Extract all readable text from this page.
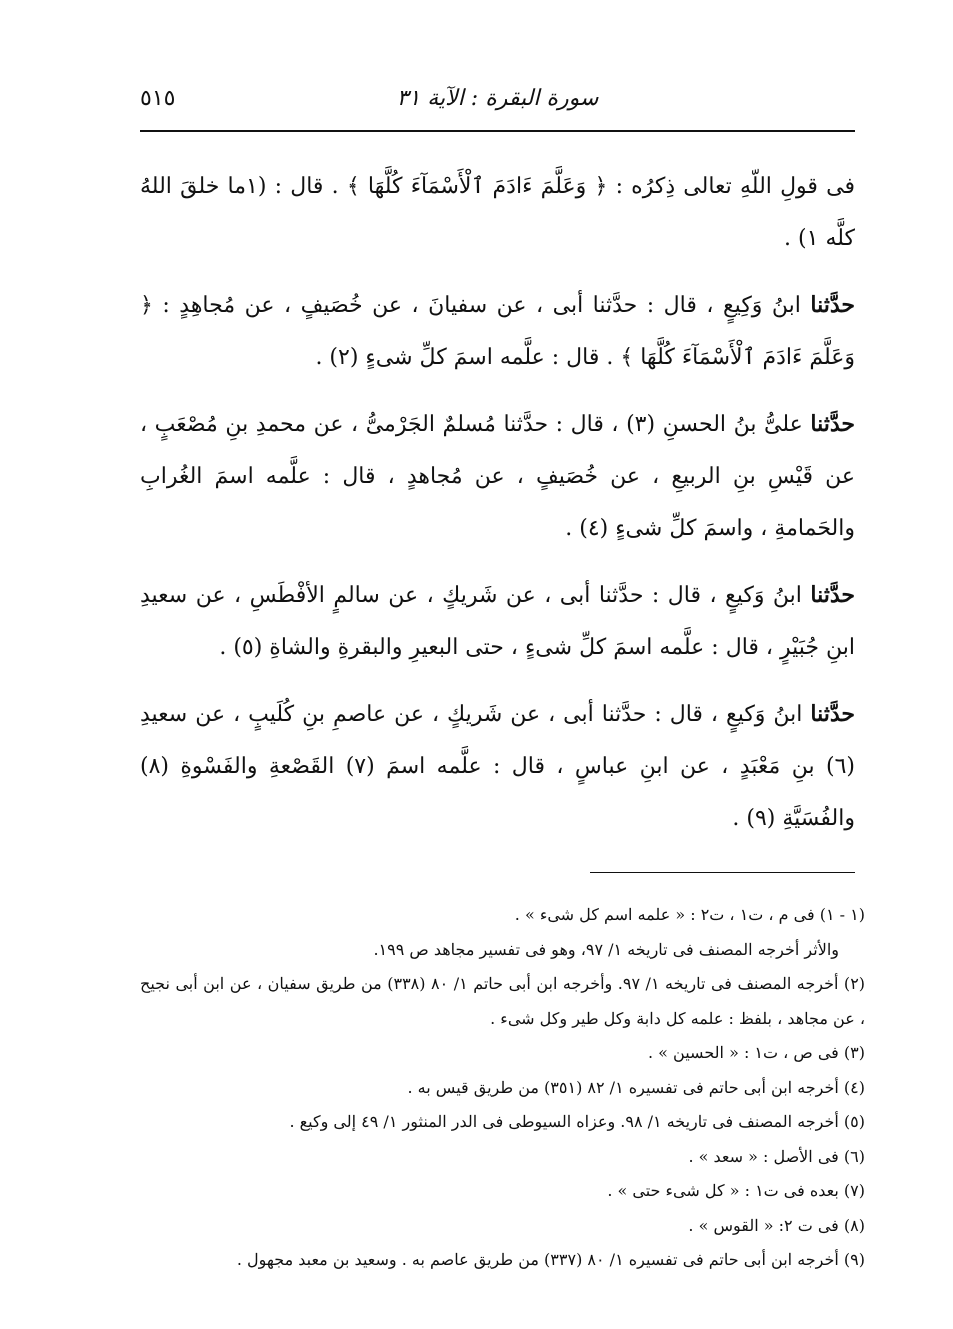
٥١٥	سورة البقرة : الآية ٣١

فى قولِ اللّهِ تعالى ذِكرُه : ﴿ وَعَلَّمَ ءَادَمَ ٱلْأَسْمَآءَ كُلَّهَا ﴾ . قال : (١ما خلقَ اللهُ كلَّه ١) .

حدَّثنا ابنُ وَكِيعٍ ، قال : حدَّثنا أبى ، عن سفيانَ ، عن خُصَيفٍ ، عن مُجاهِدٍ : ﴿ وَعَلَّمَ ءَادَمَ ٱلْأَسْمَآءَ كُلَّهَا ﴾ . قال : علَّمه اسمَ كلِّ شىءٍ (٢) .

حدَّثنا علىُّ بنُ الحسنِ (٣) ، قال : حدَّثنا مُسلمٌ الجَرْمىُّ ، عن محمدِ بنِ مُصْعَبٍ ، عن قَيْسِ بنِ الربيعِ ، عن خُصَيفٍ ، عن مُجاهدٍ ، قال : علَّمه اسمَ الغُرابِ والحَمامةِ ، واسمَ كلِّ شىءٍ (٤) .

حدَّثنا ابنُ وَكيعٍ ، قال : حدَّثنا أبى ، عن شَريكٍ ، عن سالمٍ الأفْطَسِ ، عن سعيدِ ابنِ جُبَيْرٍ ، قال : علَّمه اسمَ كلِّ شىءٍ ، حتى البعيرِ والبقرةِ والشاةِ (٥) .

حدَّثنا ابنُ وَكيعٍ ، قال : حدَّثنا أبى ، عن شَريكٍ ، عن عاصمِ بنِ كُلَيبٍ ، عن سعيدِ (٦) بنِ مَعْبَدٍ ، عن ابنِ عباسٍ ، قال : علَّمه اسمَ (٧) القَصْعةِ والفَسْوةِ (٨) والفُسَيَّةِ (٩) .

(١ - ١) فى م ، ت١ ، ت٢ : « علمه اسم كل شىء » .

والأثر أخرجه المصنف فى تاريخه ١/ ٩٧، وهو فى تفسير مجاهد ص ١٩٩.

(٢) أخرجه المصنف فى تاريخه ١/ ٩٧. وأخرجه ابن أبى حاتم ١/ ٨٠ (٣٣٨) من طريق سفيان ، عن ابن أبى نجيح ، عن مجاهد ، بلفظ : علمه كل دابة وكل طير وكل شىء .

(٣) فى ص ، ت١ : « الحسين » .

(٤) أخرجه ابن أبى حاتم فى تفسيره ١/ ٨٢ (٣٥١) من طريق قيس به .

(٥) أخرجه المصنف فى تاريخه ١/ ٩٨. وعزاه السيوطى فى الدر المنثور ١/ ٤٩ إلى وكيع .

(٦) فى الأصل : « سعد » .

(٧) بعده فى ت١ : « كل شىء حتى » .

(٨) فى ت ٢: « القوس » .

(٩) أخرجه ابن أبى حاتم فى تفسيره ١/ ٨٠ (٣٣٧) من طريق عاصم به . وسعيد بن معبد مجهول .
